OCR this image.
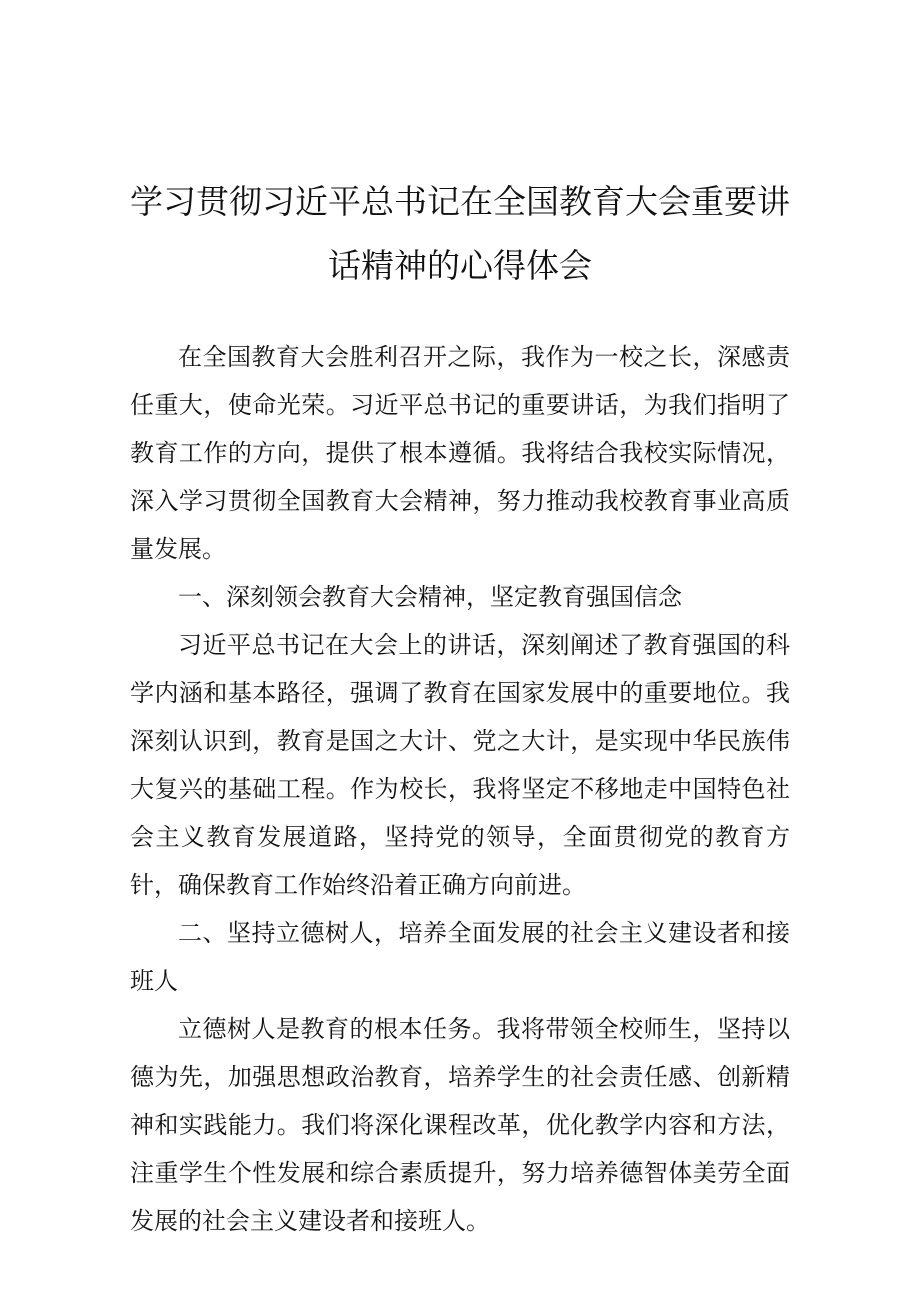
学习贯彻习近平总书记在全国教育大会重要讲话精神的心得体会

在全国教育大会胜利召开之际，我作为一校之长，深感责任重大，使命光荣。习近平总书记的重要讲话，为我们指明了教育工作的方向，提供了根本遵循。我将结合我校实际情况，深入学习贯彻全国教育大会精神，努力推动我校教育事业高质量发展。

一、深刻领会教育大会精神，坚定教育强国信念

习近平总书记在大会上的讲话，深刻阐述了教育强国的科学内涵和基本路径，强调了教育在国家发展中的重要地位。我深刻认识到，教育是国之大计、党之大计，是实现中华民族伟大复兴的基础工程。作为校长，我将坚定不移地走中国特色社会主义教育发展道路，坚持党的领导，全面贯彻党的教育方针，确保教育工作始终沿着正确方向前进。

二、坚持立德树人，培养全面发展的社会主义建设者和接班人

立德树人是教育的根本任务。我将带领全校师生，坚持以德为先，加强思想政治教育，培养学生的社会责任感、创新精神和实践能力。我们将深化课程改革，优化教学内容和方法，注重学生个性发展和综合素质提升，努力培养德智体美劳全面发展的社会主义建设者和接班人。
